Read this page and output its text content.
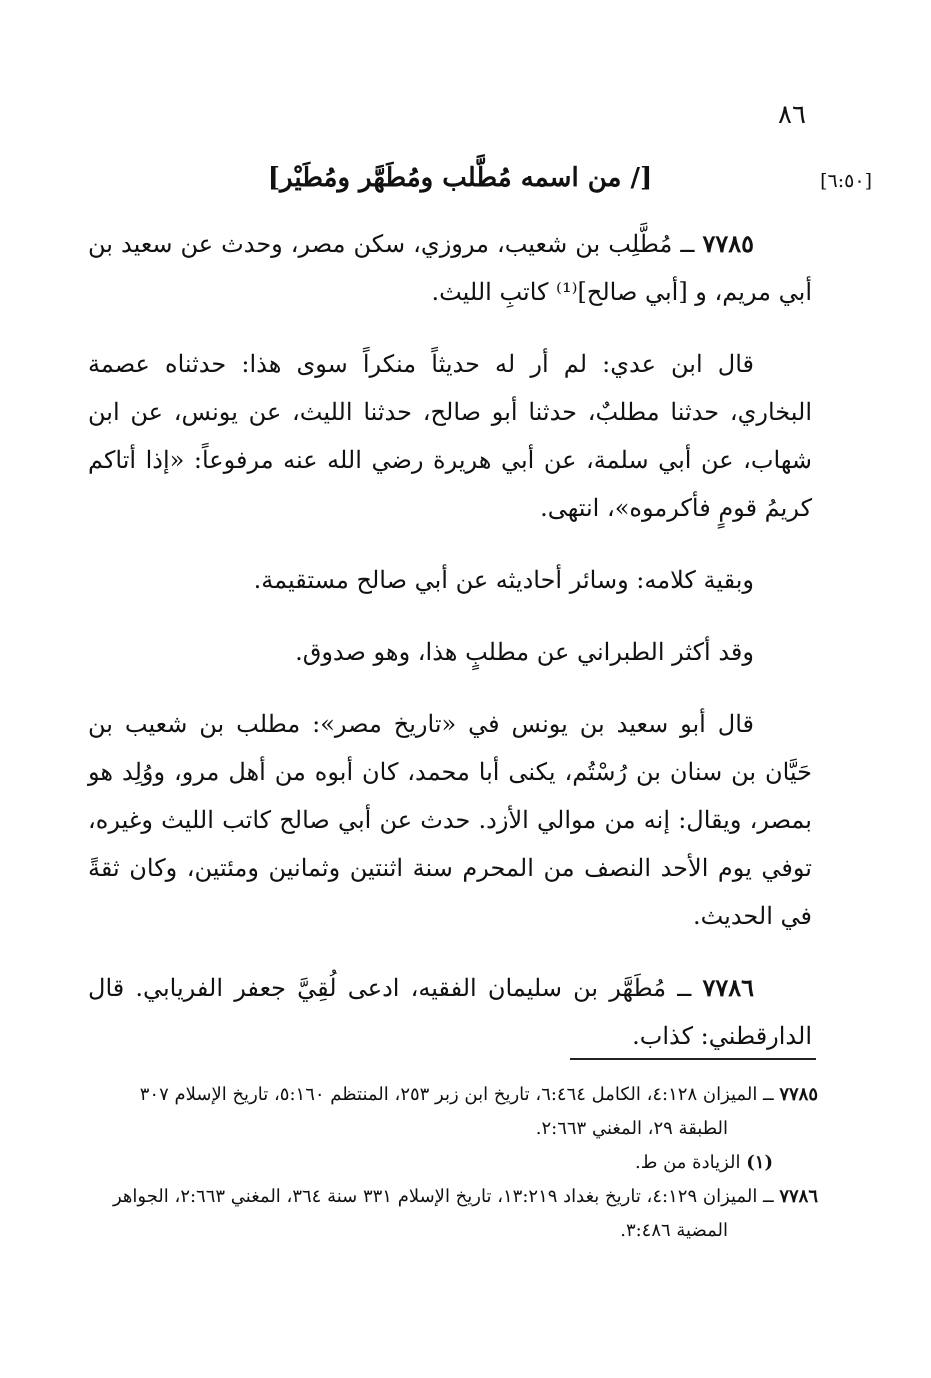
٨٦
[٦:٥٠]
[/ من اسمه مُطَّلب ومُطَهَّر ومُطَيْر]

٧٧٨٥ ــ مُطَّلِب بن شعيب، مروزي، سكن مصر، وحدث عن سعيد بن أبي مريم، و [أبي صالح]⁽¹⁾ كاتبِ الليث.

قال ابن عدي: لم أر له حديثاً منكراً سوى هذا: حدثناه عصمة البخاري، حدثنا مطلبٌ، حدثنا أبو صالح، حدثنا الليث، عن يونس، عن ابن شهاب، عن أبي سلمة، عن أبي هريرة رضي الله عنه مرفوعاً: «إذا أتاكم كريمُ قومٍ فأكرموه»، انتهى.

وبقية كلامه: وسائر أحاديثه عن أبي صالح مستقيمة.

وقد أكثر الطبراني عن مطلبٍ هذا، وهو صدوق.

قال أبو سعيد بن يونس في «تاريخ مصر»: مطلب بن شعيب بن حَيَّان بن سنان بن رُسْتُم، يكنى أبا محمد، كان أبوه من أهل مرو، ووُلِد هو بمصر، ويقال: إنه من موالي الأزد. حدث عن أبي صالح كاتب الليث وغيره، توفي يوم الأحد النصف من المحرم سنة اثنتين وثمانين ومئتين، وكان ثقةً في الحديث.

٧٧٨٦ ــ مُطَهَّر بن سليمان الفقيه، ادعى لُقِيَّ جعفر الفريابي. قال الدارقطني: كذاب.

٧٧٨٥ ــ الميزان ٤:١٢٨، الكامل ٦:٤٦٤، تاريخ ابن زبر ٢٥٣، المنتظم ٥:١٦٠، تاريخ الإسلام ٣٠٧ الطبقة ٢٩، المغني ٢:٦٦٣.

(١) الزيادة من ط.

٧٧٨٦ ــ الميزان ٤:١٢٩، تاريخ بغداد ١٣:٢١٩، تاريخ الإسلام ٣٣١ سنة ٣٦٤، المغني ٢:٦٦٣، الجواهر المضية ٣:٤٨٦.
